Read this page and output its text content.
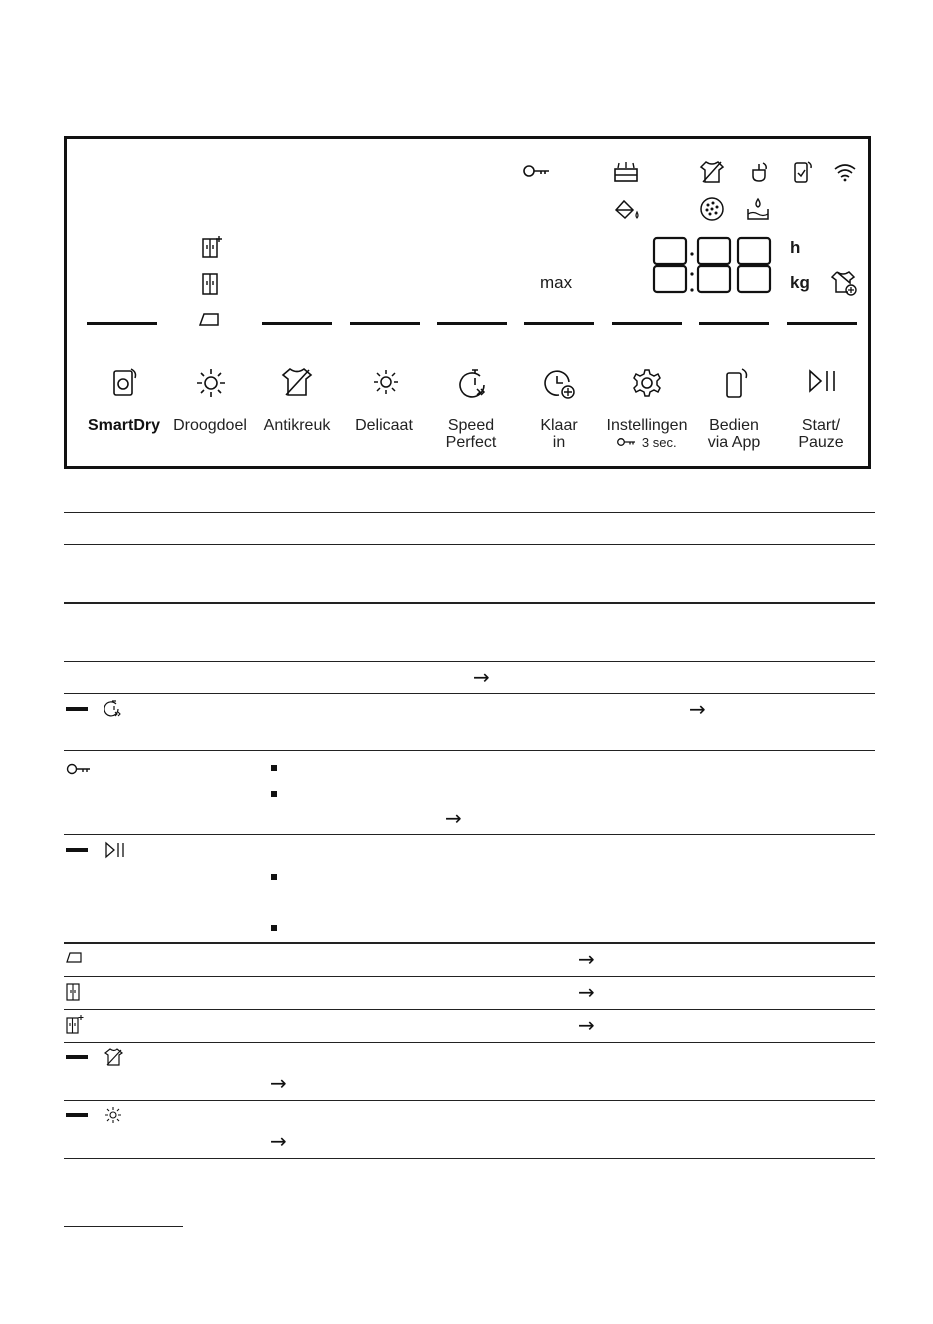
max
h
kg
SmartDry Droogdoel	Antikreuk	Delicaat	Speed
Perfect
Klaar
in
Instellingen
3 sec.
Bedien
via App
Start/
Pauze
→
→
→
→
→
→
→
→
